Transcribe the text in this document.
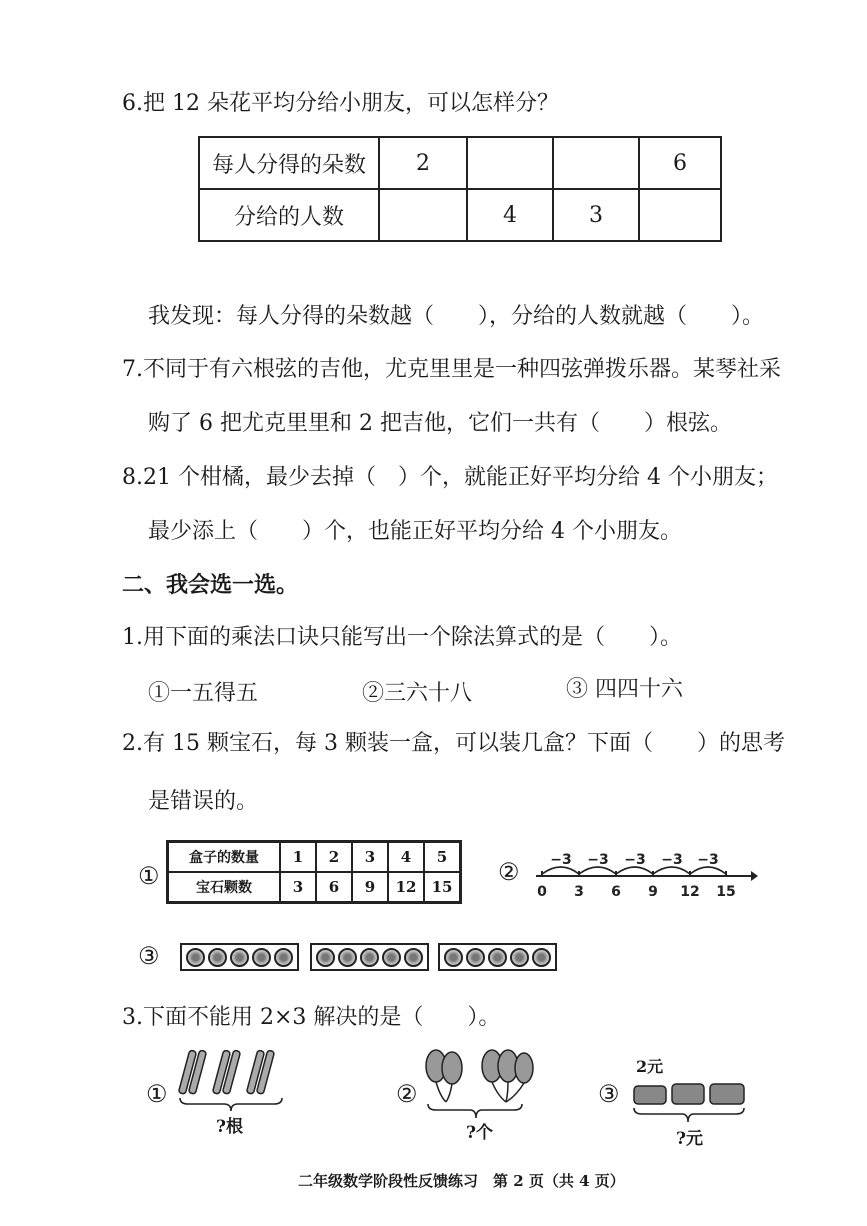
6.把 12 朵花平均分给小朋友，可以怎样分？
每人分得的朵数	2			6
分给的人数		4	3	
我发现：每人分得的朵数越（　　），分给的人数就越（　　）。
7.不同于有六根弦的吉他，尤克里里是一种四弦弹拨乐器。某琴社采
购了 6 把尤克里里和 2 把吉他，它们一共有（　　）根弦。
8.21 个柑橘，最少去掉（　）个，就能正好平均分给 4 个小朋友；
最少添上（　　）个，也能正好平均分给 4 个小朋友。
二、我会选一选。
1.用下面的乘法口诀只能写出一个除法算式的是（　　）。
①一五得五	②三六十八	③ 四四十六
2.有 15 颗宝石，每 3 颗装一盒，可以装几盒？下面（　　）的思考
是错误的。
①
盒子的数量	1	2	3	4	5
宝石颗数	3	6	9	12	15
② −3 −3 −3 −3 −3
0 3 6 9 12 15
③
3.下面不能用 2×3 解决的是（　　）。
①
?根
②
?个
③
2元
?元
二年级数学阶段性反馈练习　第 2 页（共 4 页）
